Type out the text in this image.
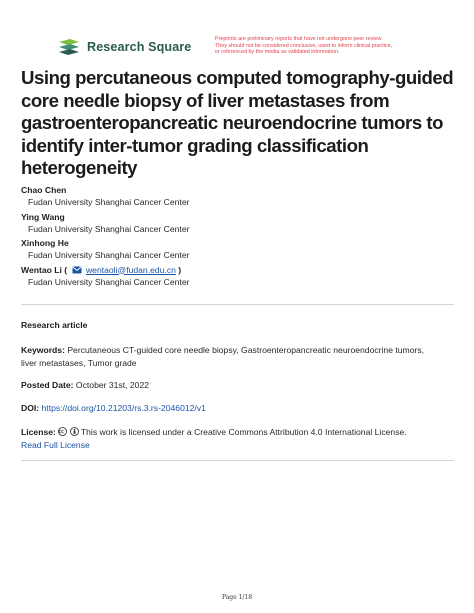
Research Square
Preprints are preliminary reports that have not undergone peer review.
They should not be considered conclusive, used to inform clinical practice,
or referenced by the media as validated information.
Using percutaneous computed tomography-guided
core needle biopsy of liver metastases from
gastroenteropancreatic neuroendocrine tumors to
identify inter-tumor grading classification
heterogeneity
Chao Chen
Fudan University Shanghai Cancer Center
Ying Wang
Fudan University Shanghai Cancer Center
Xinhong He
Fudan University Shanghai Cancer Center
Wentao Li ( wentaoli@fudan.edu.cn )
Fudan University Shanghai Cancer Center
Research article
Keywords: Percutaneous CT-guided core needle biopsy, Gastroenteropancreatic neuroendocrine tumors,
liver metastases, Tumor grade
Posted Date: October 31st, 2022
DOI: https://doi.org/10.21203/rs.3.rs-2046012/v1
License:	This work is licensed under a Creative Commons Attribution 4.0 International License.
Read Full License
Page 1/18
